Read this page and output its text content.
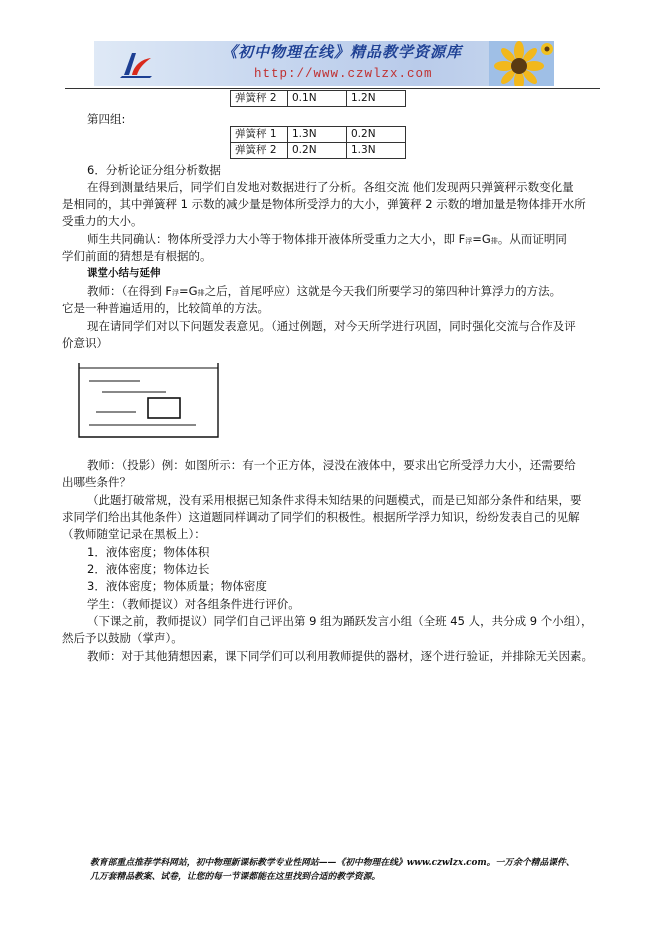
《初中物理在线》精品教学资源库
http://www.czwlzx.com
弹簧秤 2	0.1N	1.2N
第四组:
弹簧秤 1	1.3N	0.2N
弹簧秤 2	0.2N	1.3N
6．分析论证分组分析数据
在得到测量结果后，同学们自发地对数据进行了分析。各组交流 他们发现两只弹簧秤示数变化量
是相同的，其中弹簧秤 1 示数的减少量是物体所受浮力的大小，弹簧秤 2 示数的增加量是物体排开水所
受重力的大小。
师生共同确认：物体所受浮力大小等于物体排开液体所受重力之大小，即 F浮=G排。从而证明同
学们前面的猜想是有根据的。
课堂小结与延伸
教师：（在得到 F浮=G排之后，首尾呼应）这就是今天我们所要学习的第四种计算浮力的方法。
它是一种普遍适用的，比较简单的方法。
现在请同学们对以下问题发表意见。（通过例题，对今天所学进行巩固，同时强化交流与合作及评
价意识）
教师：（投影）例：如图所示：有一个正方体，浸没在液体中，要求出它所受浮力大小，还需要给
出哪些条件？
（此题打破常规，没有采用根据已知条件求得未知结果的问题模式，而是已知部分条件和结果，要
求同学们给出其他条件）这道题同样调动了同学们的积极性。根据所学浮力知识，纷纷发表自己的见解
（教师随堂记录在黑板上）：
1．液体密度；物体体积
2．液体密度；物体边长
3．液体密度；物体质量；物体密度
学生：（教师提议）对各组条件进行评价。
（下课之前，教师提议）同学们自己评出第 9 组为踊跃发言小组（全班 45 人，共分成 9 个小组），
然后予以鼓励（掌声）。
教师：对于其他猜想因素，课下同学们可以利用教师提供的器材，逐个进行验证，并排除无关因素。
教育部重点推荐学科网站，初中物理新课标教学专业性网站——《初中物理在线》www.czwlzx.com。一万余个精品课件、
几万套精品教案、试卷，让您的每一节课都能在这里找到合适的教学资源。
